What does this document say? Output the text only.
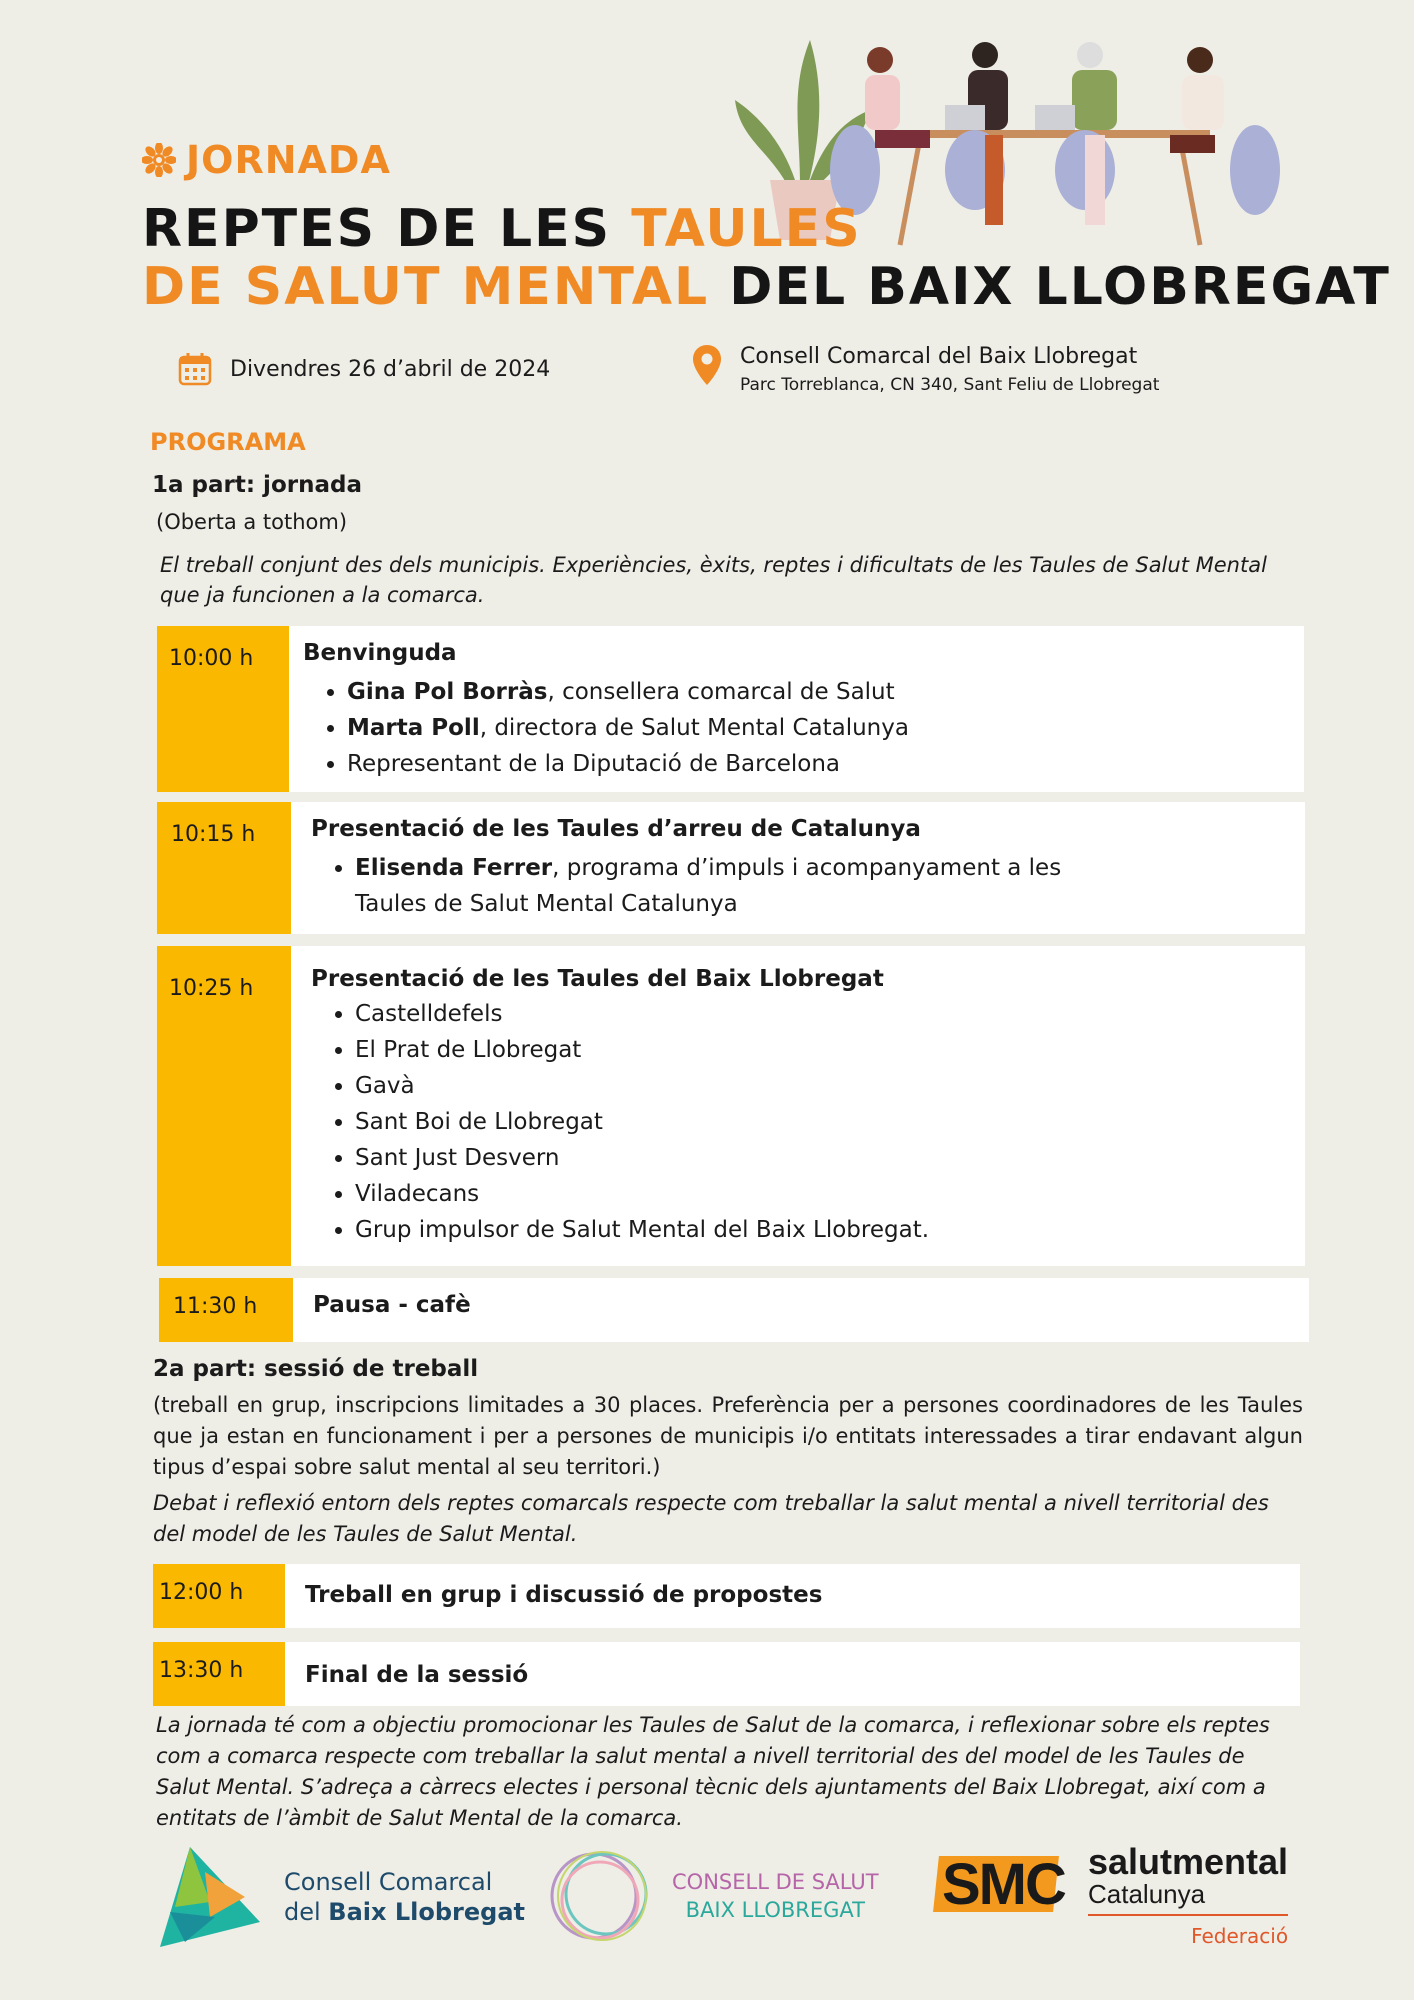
JORNADA
REPTES DE LES TAULES
DE SALUT MENTAL DEL BAIX LLOBREGAT
Divendres 26 d’abril de 2024	Consell Comarcal del Baix Llobregat
Parc Torreblanca, CN 340, Sant Feliu de Llobregat
PROGRAMA
1a part: jornada
(Oberta a tothom)
El treball conjunt des dels municipis. Experiències, èxits, reptes i dificultats de les Taules de Salut Mental que ja funcionen a la comarca.
10:00 h	Benvinguda
• Gina Pol Borràs, consellera comarcal de Salut
• Marta Poll, directora de Salut Mental Catalunya
• Representant de la Diputació de Barcelona
10:15 h	Presentació de les Taules d’arreu de Catalunya
• Elisenda Ferrer, programa d’impuls i acompanyament a les
Taules de Salut Mental Catalunya
10:25 h	Presentació de les Taules del Baix Llobregat
• Castelldefels
• El Prat de Llobregat
• Gavà
• Sant Boi de Llobregat
• Sant Just Desvern
• Viladecans
• Grup impulsor de Salut Mental del Baix Llobregat.
11:30 h	Pausa - cafè
2a part: sessió de treball
(treball en grup, inscripcions limitades a 30 places. Preferència per a persones coordinadores de les Taules que ja estan en funcionament i per a persones de municipis i/o entitats interessades a tirar endavant algun tipus d’espai sobre salut mental al seu territori.)
Debat i reflexió entorn dels reptes comarcals respecte com treballar la salut mental a nivell territorial des del model de les Taules de Salut Mental.
12:00 h	Treball en grup i discussió de propostes
13:30 h	Final de la sessió
La jornada té com a objectiu promocionar les Taules de Salut de la comarca, i reflexionar sobre els reptes com a comarca respecte com treballar la salut mental a nivell territorial des del model de les Taules de Salut Mental. S’adreça a càrrecs electes i personal tècnic dels ajuntaments del Baix Llobregat, així com a entitats de l’àmbit de Salut Mental de la comarca.
Consell Comarcal
del Baix Llobregat
CONSELL DE SALUT
BAIX LLOBREGAT SMC salutmental
Catalunya
Federació
